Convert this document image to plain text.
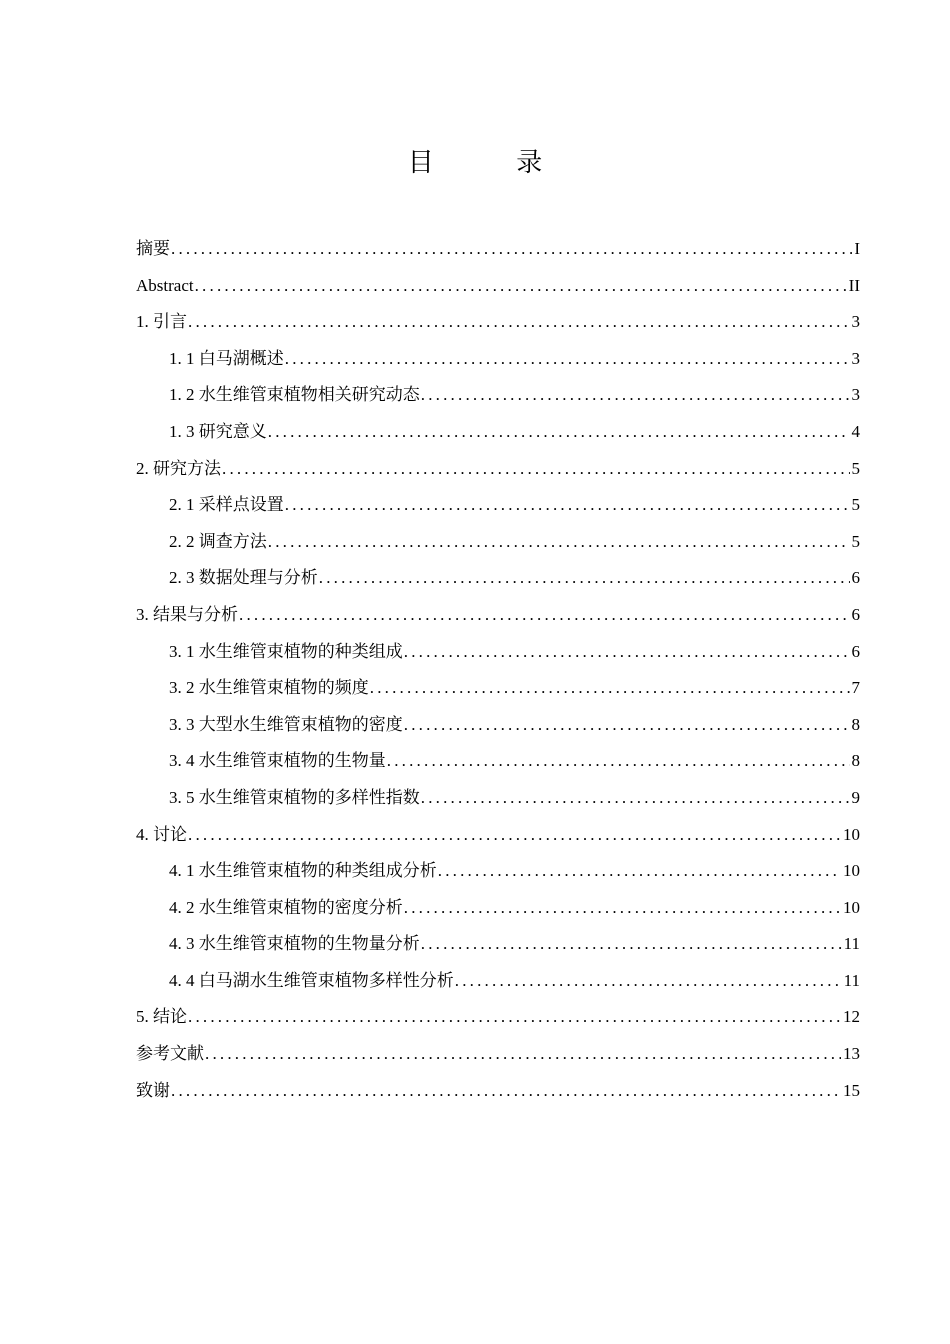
目 录
摘要 .....	I
Abstract .....	II
1. 引言 .....	3
1. 1 白马湖概述 .....	3
1. 2 水生维管束植物相关研究动态 .....	3
1. 3 研究意义 .....	4
2. 研究方法 .....	5
2. 1 采样点设置 .....	5
2. 2 调查方法 .....	5
2. 3 数据处理与分析 .....	6
3. 结果与分析 .....	6
3. 1 水生维管束植物的种类组成 .....	6
3. 2 水生维管束植物的频度 .....	7
3. 3 大型水生维管束植物的密度 .....	8
3. 4 水生维管束植物的生物量 .....	8
3. 5 水生维管束植物的多样性指数 .....	9
4. 讨论 .....	10
4. 1 水生维管束植物的种类组成分析 .....	10
4. 2 水生维管束植物的密度分析 .....	10
4. 3 水生维管束植物的生物量分析 .....	11
4. 4 白马湖水生维管束植物多样性分析 .....	11
5. 结论 .....	12
参考文献 .....	13
致谢 .....	15
